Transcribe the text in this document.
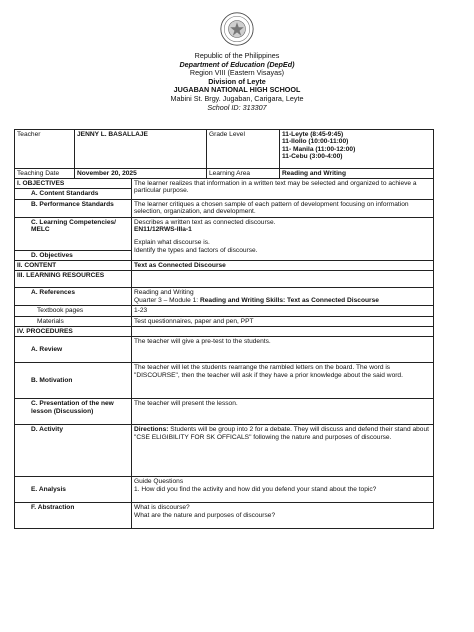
Republic of the Philippines
Department of Education (DepEd)
Region VIII (Eastern Visayas)
Division of Leyte
JUGABAN NATIONAL HIGH SCHOOL
Mabini St. Brgy. Jugaban, Carigara, Leyte
School ID: 313307
Teacher	JENNY L. BASALLAJE	Grade Level	11-Leyte (8:45-9:45)
11-Ilollo (10:00-11:00)
11- Manila (11:00-12:00)
11-Cebu (3:00-4:00)

Teaching Date	November 20, 2025	Learning Area	Reading and Writing
I. OBJECTIVES	The learner realizes that information in a written text may be selected and organized to achieve a particular purpose.
A. Content Standards	
B. Performance Standards	The learner critiques a chosen sample of each pattern of development focusing on information selection, organization, and development.
C. Learning Competencies/ MELC	Describes a written text as connected discourse.
EN11/12RWS-IIIa-1
Explain what discourse is.
Identify the types and factors of discourse.

D. Objectives	
II. CONTENT	Text as Connected Discourse
III. LEARNING RESOURCES	
A. References	Reading and Writing
Quarter 3 – Module 1: Reading and Writing Skills: Text as Connected Discourse

Textbook pages	1-23
Materials	Test questionnaires, paper and pen, PPT
IV. PROCEDURES	
A. Review	The teacher will give a pre-test to the students.
B. Motivation	The teacher will let the students rearrange the rambled letters on the board. The word is "DISCOURSE", then the teacher will ask if they have a prior knowledge about the said word.
C. Presentation of the new lesson (Discussion)	The teacher will present the lesson.
D. Activity	Directions: Students will be group into 2 for a debate. They will discuss and defend their stand about "CSE ELIGIBILITY FOR SK OFFICALS" following the nature and purposes of discourse.
E. Analysis	Guide Questions
1. How did you find the activity and how did you defend your stand about the topic?

F. Abstraction	What is discourse?
What are the nature and purposes of discourse?
